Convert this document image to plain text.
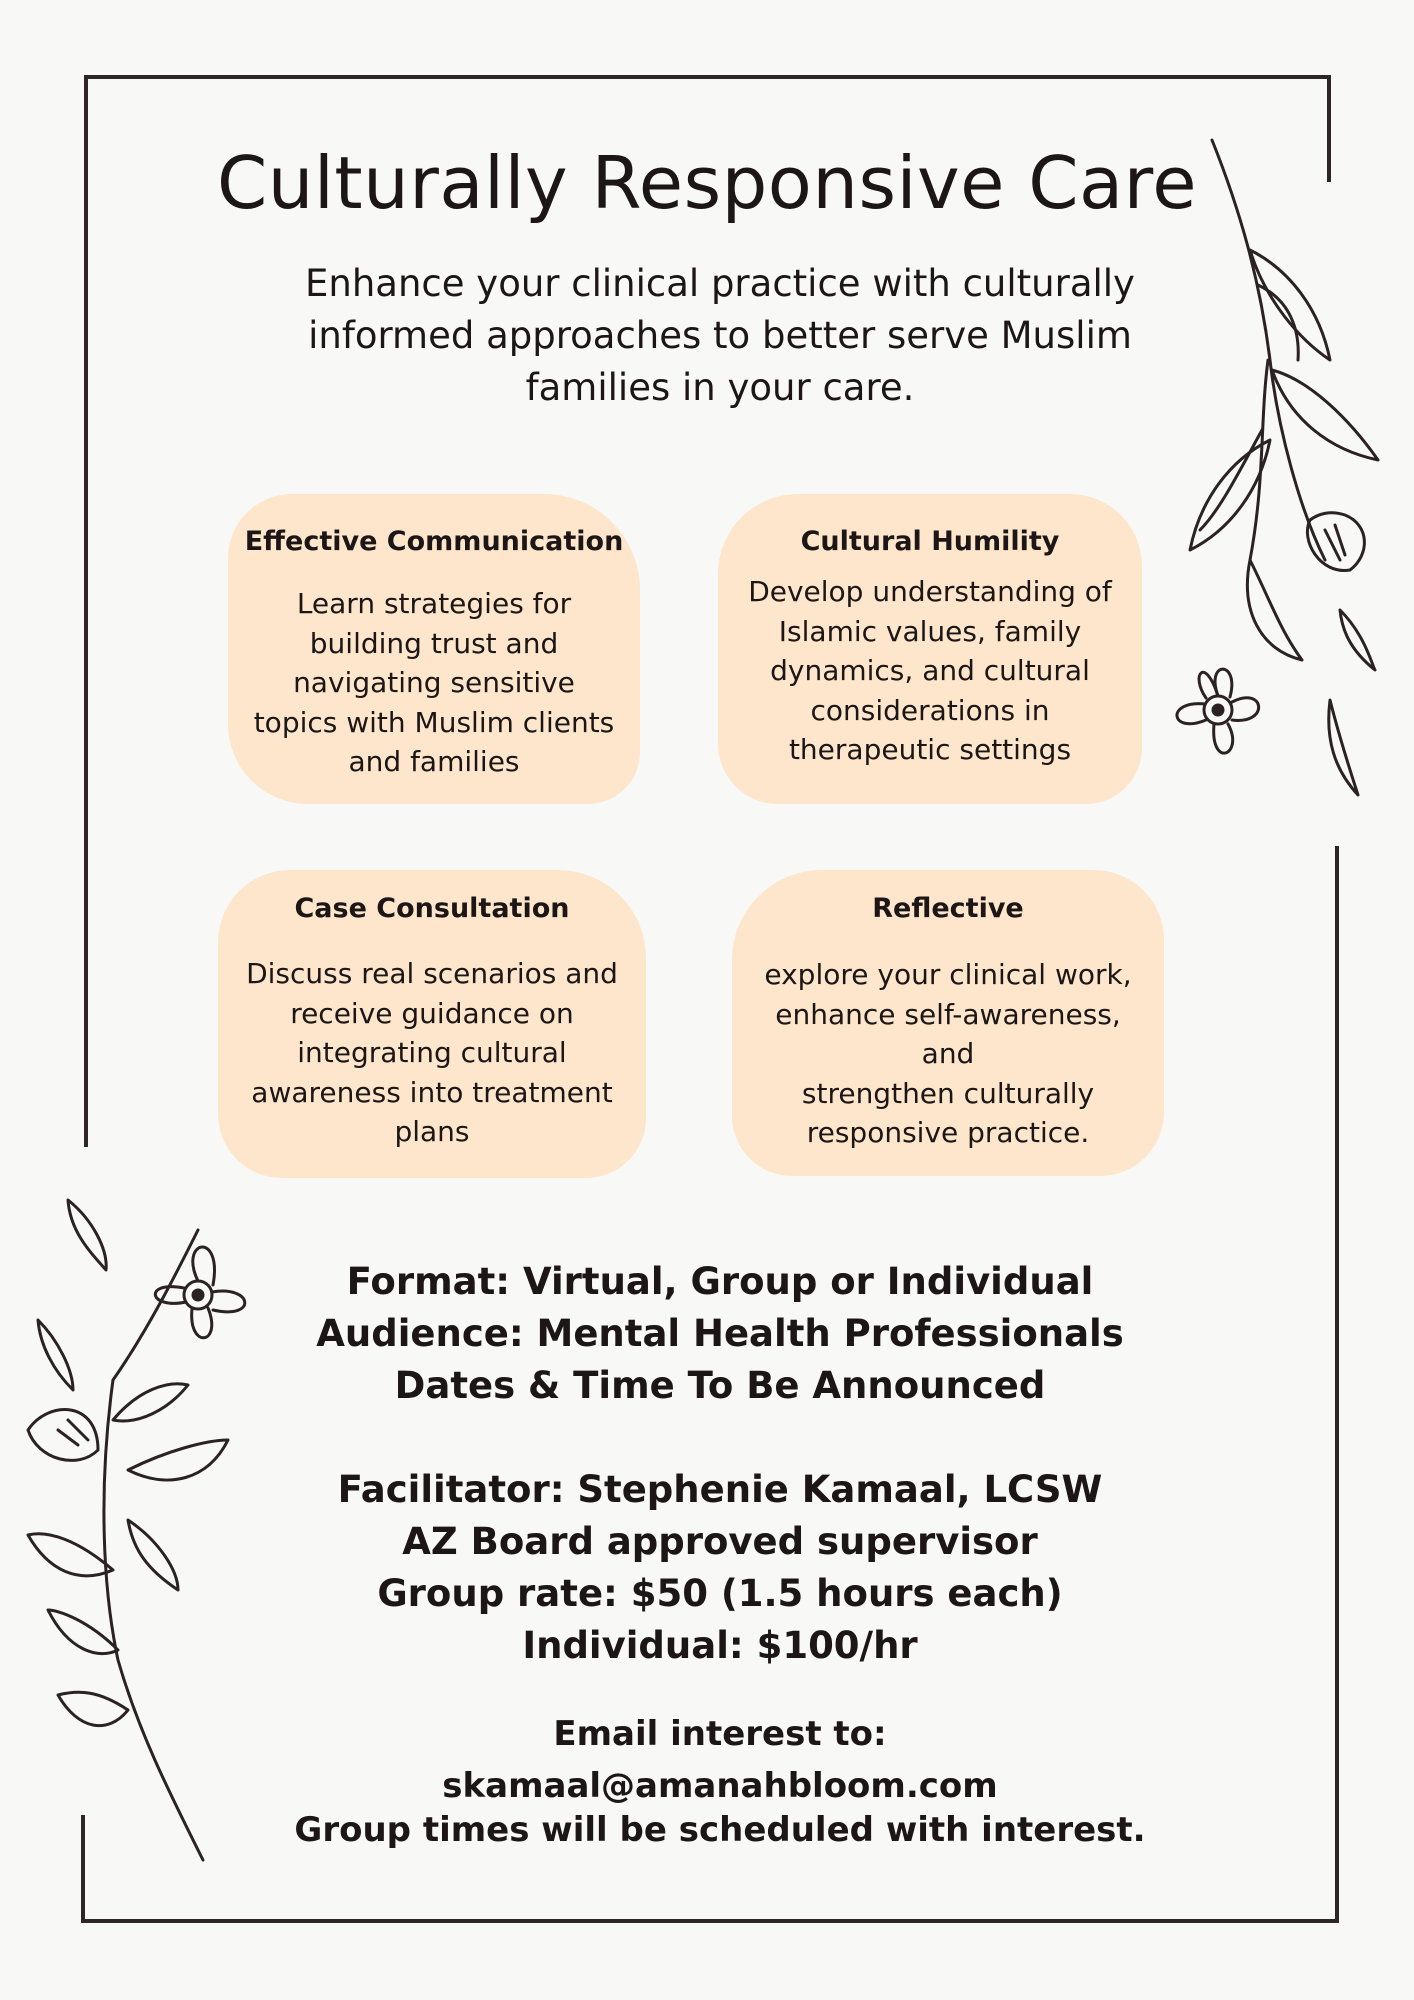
Culturally Responsive Care
Enhance your clinical practice with culturally informed approaches to better serve Muslim families in your care.
Effective Communication
Learn strategies for
building trust and
navigating sensitive
topics with Muslim clients
and families
Cultural Humility
Develop understanding of
Islamic values, family
dynamics, and cultural
considerations in
therapeutic settings
Case Consultation
Discuss real scenarios and
receive guidance on
integrating cultural
awareness into treatment
plans
Reflective
explore your clinical work,
enhance self-awareness, and
strengthen culturally
responsive practice.
Format: Virtual, Group or Individual
Audience: Mental Health Professionals
Dates & Time To Be Announced
Facilitator: Stephenie Kamaal, LCSW
AZ Board approved supervisor
Group rate: $50 (1.5 hours each)
Individual: $100/hr
Email interest to: skamaal@amanahbloom.com
Group times will be scheduled with interest.
